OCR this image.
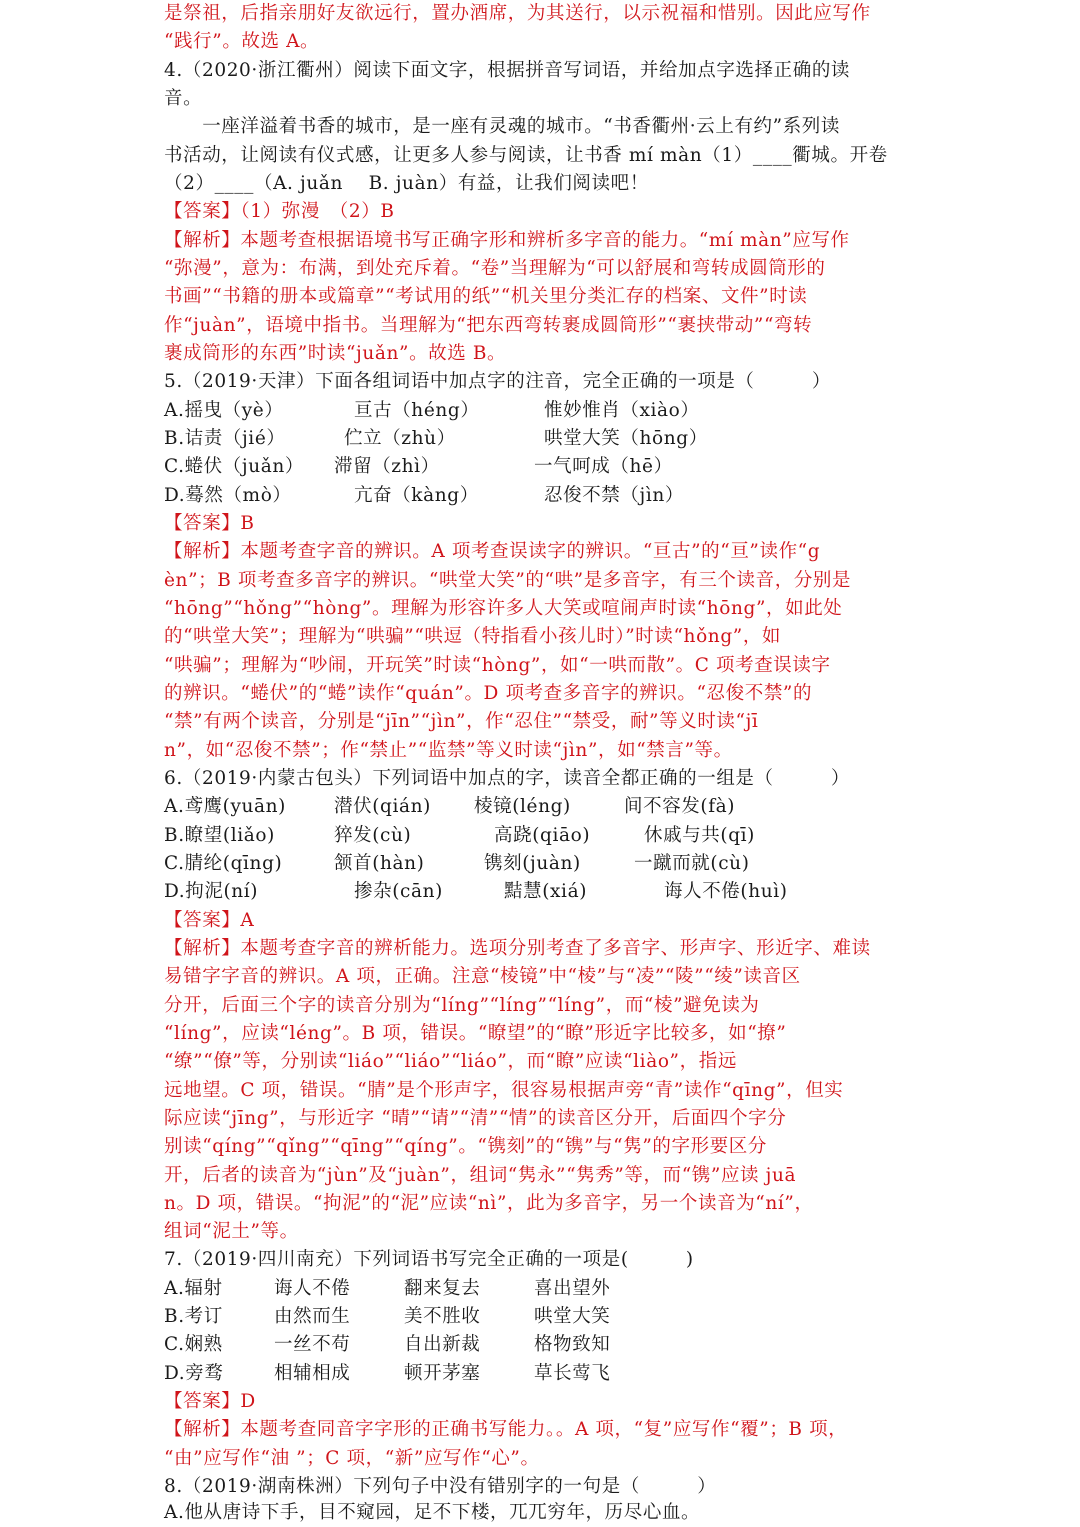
是祭祖，后指亲朋好友欲远行，置办酒席，为其送行，以示祝福和惜别。因此应写作
“践行”。故选 A。
4.（2020·浙江衢州）阅读下面文字，根据拼音写词语，并给加点字选择正确的读
音。
　　一座洋溢着书香的城市，是一座有灵魂的城市。“书香衢州·云上有约”系列读
书活动，让阅读有仪式感，让更多人参与阅读，让书香 mí màn（1）____衢城。开卷
（2）____（A. juǎn　 B. juàn）有益，让我们阅读吧！
【答案】（1）弥漫　（2）B
【解析】本题考查根据语境书写正确字形和辨析多字音的能力。“mí màn”应写作
“弥漫”，意为：布满，到处充斥着。“卷”当理解为“可以舒展和弯转成圆筒形的
书画”“书籍的册本或篇章”“考试用的纸”“机关里分类汇存的档案、文件”时读
作“juàn”，语境中指书。当理解为“把东西弯转裹成圆筒形”“裹挟带动”“弯转
裹成筒形的东西”时读“juǎn”。故选 B。
5.（2019·天津）下面各组词语中加点字的注音，完全正确的一项是（　　　）
A.摇曳（yè）	亘古（héng）	惟妙惟肖（xiào）
B.诘责（jié）	伫立（zhù）	哄堂大笑（hōng）
C.蜷伏（juǎn） 滞留（zhì）	一气呵成（hē）
D.蓦然（mò）	亢奋（kàng）	忍俊不禁（jìn）
【答案】B
【解析】本题考查字音的辨识。A 项考查误读字的辨识。“亘古”的“亘”读作“g
èn”；B 项考查多音字的辨识。“哄堂大笑”的“哄”是多音字，有三个读音，分别是
“hōng”“hǒng”“hòng”。理解为形容许多人大笑或喧闹声时读“hōng”，如此处
的“哄堂大笑”；理解为“哄骗”“哄逗（特指看小孩儿时）”时读“hǒng”，如
“哄骗”；理解为“吵闹，开玩笑”时读“hòng”，如“一哄而散”。C 项考查误读字
的辨识。“蜷伏”的“蜷”读作“quán”。D 项考查多音字的辨识。“忍俊不禁”的
“禁”有两个读音，分别是“jīn”“jìn”，作“忍住”“禁受，耐”等义时读“jī
n”，如“忍俊不禁”；作“禁止”“监禁”等义时读“jìn”，如“禁言”等。
6.（2019·内蒙古包头）下列词语中加点的字，读音全都正确的一组是（　　　）
A.鸢鹰(yuān)	潜伏(qián) 棱镜(léng)	间不容发(fà)
B.瞭望(liǎo)	猝发(cù)	高跷(qiāo)	休戚与共(qī)
C.腈纶(qīng)	颔首(hàn)	镌刻(juàn)	一蹴而就(cù)
D.拘泥(ní)	掺杂(cān)	黠慧(xiá)	诲人不倦(huì)
【答案】A
【解析】本题考查字音的辨析能力。选项分别考查了多音字、形声字、形近字、难读
易错字字音的辨识。A 项，正确。注意“棱镜”中“棱”与“凌”“陵”“绫”读音区
分开，后面三个字的读音分别为“líng”“líng”“líng”，而“棱”避免读为
“líng”，应读“léng”。B 项，错误。“瞭望”的“瞭”形近字比较多，如“撩”
“缭”“僚”等，分别读“liáo”“liáo”“liáo”，而“瞭”应读“liào”，指远
远地望。C 项，错误。“腈”是个形声字，很容易根据声旁“青”读作“qīng”，但实
际应读“jīng”，与形近字 “晴”“请”“清”“情”的读音区分开，后面四个字分
别读“qíng”“qǐng”“qīng”“qíng”。“镌刻”的“镌”与“隽”的字形要区分
开，后者的读音为“jùn”及“juàn”，组词“隽永”“隽秀”等，而“镌”应读 juā
n。D 项，错误。“拘泥”的“泥”应读“nì”，此为多音字，另一个读音为“ní”，
组词“泥土”等。
7.（2019·四川南充）下列词语书写完全正确的一项是(　　　)
A.辐射	诲人不倦	翻来复去	喜出望外
B.考订	由然而生	美不胜收	哄堂大笑
C.娴熟	一丝不苟	自出新裁	格物致知
D.旁骛	相辅相成	顿开茅塞	草长莺飞
【答案】D
【解析】本题考查同音字字形的正确书写能力。。A 项，“复”应写作“覆”；B 项，
“由”应写作“油 ”；C 项，“新”应写作“心”。
8.（2019·湖南株洲）下列句子中没有错别字的一句是（　　　）
A.他从唐诗下手，目不窥园，足不下楼，兀兀穷年，历尽心血。
